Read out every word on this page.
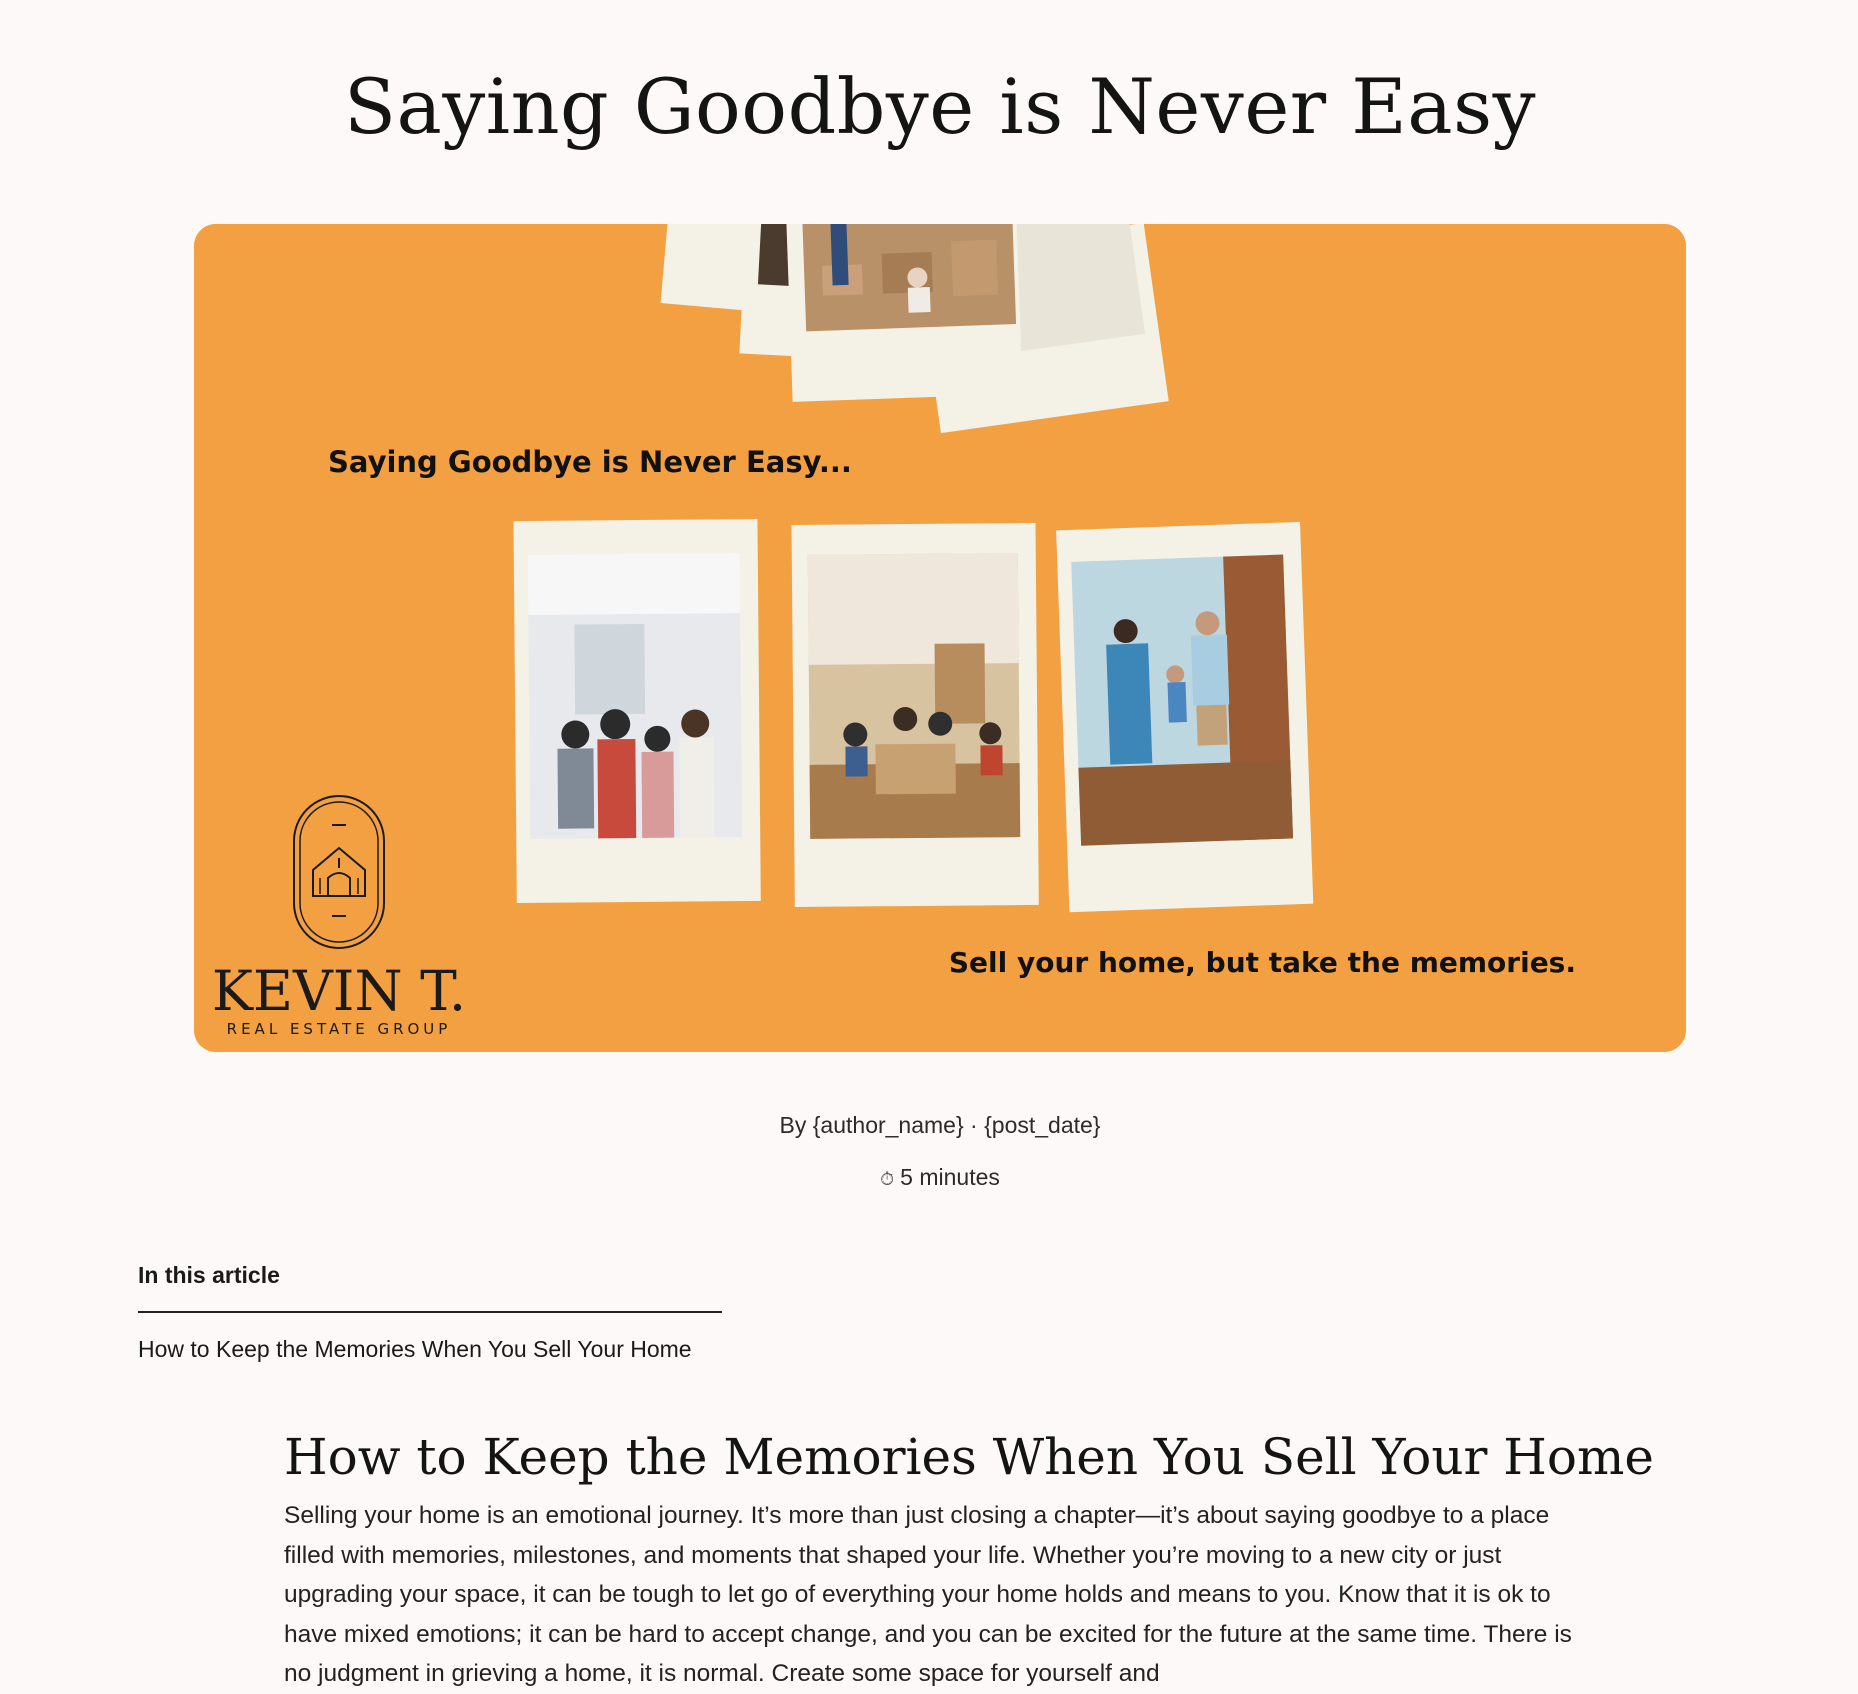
Saying Goodbye is Never Easy
Saying Goodbye is Never Easy...
KEVIN T.
REAL ESTATE GROUP
Sell your home, but take the memories.
By {author_name} · {post_date}
⏱ 5 minutes
In this article
How to Keep the Memories When You Sell Your Home
How to Keep the Memories When You Sell Your Home

Selling your home is an emotional journey. It’s more than just closing a chapter—it’s about saying goodbye to a place filled with memories, milestones, and moments that shaped your life. Whether you’re moving to a new city or just upgrading your space, it can be tough to let go of everything your home holds and means to you. Know that it is ok to have mixed emotions; it can be hard to accept change, and you can be excited for the future at the same time. There is no judgment in grieving a home, it is normal. Create some space for yourself and
